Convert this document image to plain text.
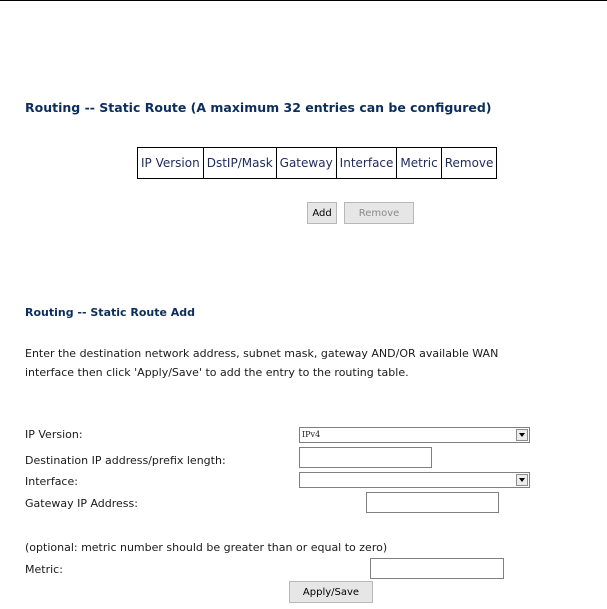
Routing -- Static Route (A maximum 32 entries can be configured)
IP Version	DstIP/Mask	Gateway	Interface	Metric	Remove
Add	Remove
Routing -- Static Route Add
Enter the destination network address, subnet mask, gateway AND/OR available WAN
interface then click 'Apply/Save' to add the entry to the routing table.
IP Version:	IPv4
Destination IP address/prefix length:
Interface:
Gateway IP Address:
(optional: metric number should be greater than or equal to zero)
Metric:
Apply/Save
